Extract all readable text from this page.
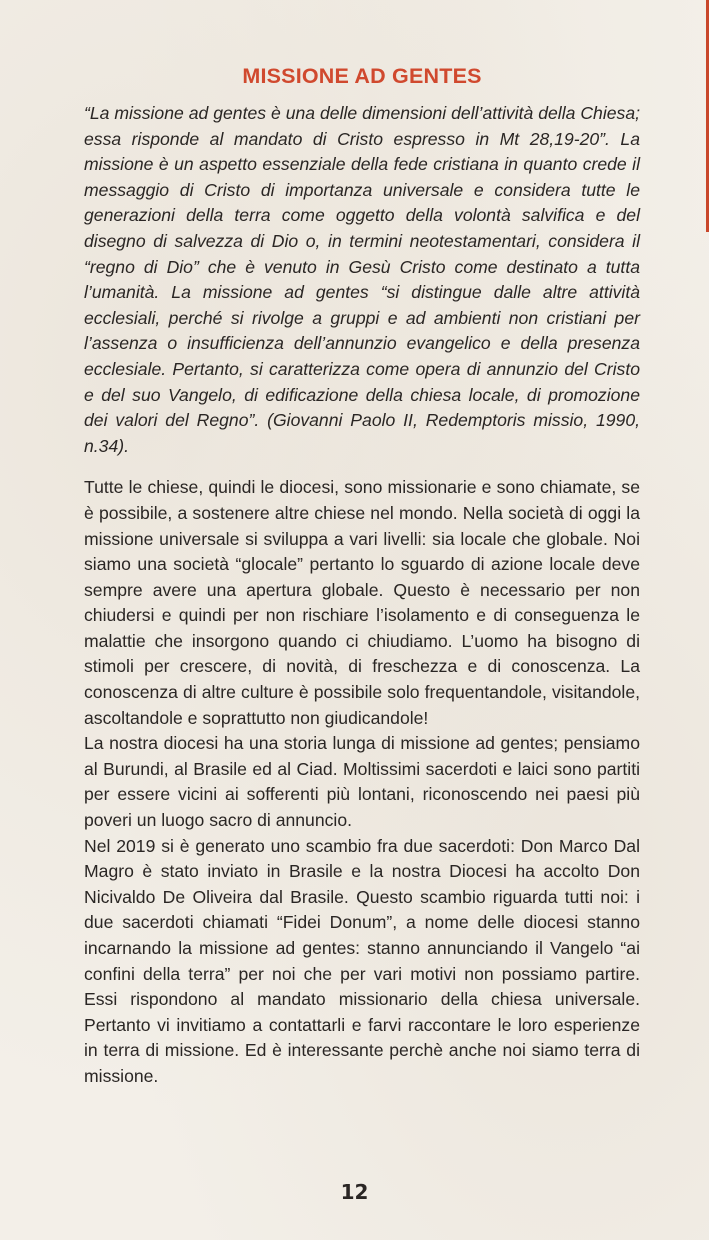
MISSIONE AD GENTES

“La missione ad gentes è una delle dimensioni dell’attività della Chiesa; essa risponde al mandato di Cristo espresso in Mt 28,19-20”. La missione è un aspetto essenziale della fede cristiana in quanto crede il messaggio di Cristo di importanza universale e considera tutte le generazioni della terra come oggetto della volontà salvifica e del disegno di salvezza di Dio o, in termini neotestamentari, considera il “regno di Dio” che è venuto in Gesù Cristo come destinato a tutta l’umanità. La missione ad gentes “si distingue dalle altre attività ecclesiali, perché si rivolge a gruppi e ad ambienti non cristiani per l’assenza o insufficienza dell’annunzio evangelico e della presenza ecclesiale. Pertanto, si caratterizza come opera di annunzio del Cristo e del suo Vangelo, di edificazione della chiesa locale, di promozione dei valori del Regno”. (Giovanni Paolo II, Redemptoris missio, 1990, n.34).

Tutte le chiese, quindi le diocesi, sono missionarie e sono chiamate, se è possibile, a sostenere altre chiese nel mondo. Nella società di oggi la missione universale si sviluppa a vari livelli: sia locale che globale. Noi siamo una società “glocale” pertanto lo sguardo di azione locale deve sempre avere una apertura globale. Questo è necessario per non chiudersi e quindi per non rischiare l’isolamento e di conseguenza le malattie che insorgono quando ci chiudiamo. L’uomo ha bisogno di stimoli per crescere, di novità, di freschezza e di conoscenza. La conoscenza di altre culture è possibile solo frequentandole, visitandole, ascoltandole e soprattutto non giudicandole!

La nostra diocesi ha una storia lunga di missione ad gentes; pensiamo al Burundi, al Brasile ed al Ciad. Moltissimi sacerdoti e laici sono partiti per essere vicini ai sofferenti più lontani, riconoscendo nei paesi più poveri un luogo sacro di annuncio.

Nel 2019 si è generato uno scambio fra due sacerdoti: Don Marco Dal Magro è stato inviato in Brasile e la nostra Diocesi ha accolto Don Nicivaldo De Oliveira dal Brasile. Questo scambio riguarda tutti noi: i due sacerdoti chiamati “Fidei Donum”, a nome delle diocesi stanno incarnando la missione ad gentes: stanno annunciando il Vangelo “ai confini della terra” per noi che per vari motivi non possiamo partire. Essi rispondono al mandato missionario della chiesa universale. Pertanto vi invitiamo a contattarli e farvi raccontare le loro esperienze in terra di missione. Ed è interessante perchè anche noi siamo terra di missione.

12
